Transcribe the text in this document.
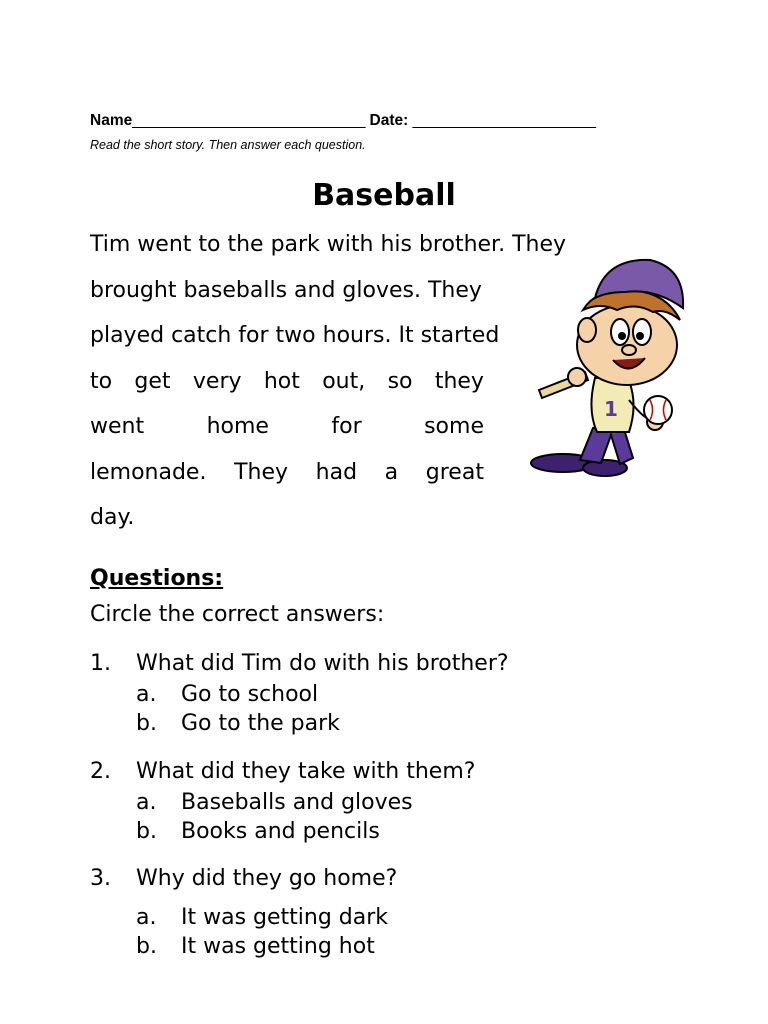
Name____________________________ Date: ______________________
Read the short story. Then answer each question.
Baseball
Tim went to the park with his brother. They
brought baseballs and gloves. They
played catch for two hours. It started
to get very hot out, so they
went	home	for	some
lemonade. They had a great
day.
1
Questions:
Circle the correct answers:
1. What did Tim do with his brother?
a. Go to school
b. Go to the park
2. What did they take with them?
a. Baseballs and gloves
b. Books and pencils
3. Why did they go home?
a. It was getting dark
b. It was getting hot
